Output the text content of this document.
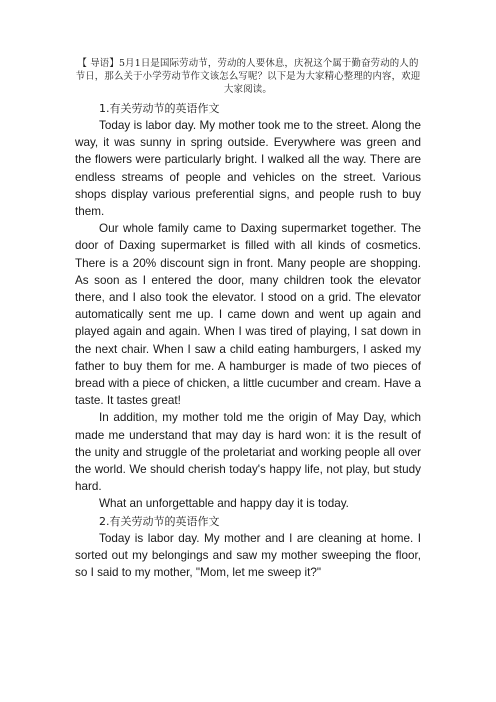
【 导语】5月1日是国际劳动节，劳动的人要休息，庆祝这个属于勤奋劳动的人的节日，那么关于小学劳动节作文该怎么写呢？以下是为大家精心整理的内容，欢迎大家阅读。

1.有关劳动节的英语作文

Today is labor day. My mother took me to the street. Along the way, it was sunny in spring outside. Everywhere was green and the flowers were particularly bright. I walked all the way. There are endless streams of people and vehicles on the street. Various shops display various preferential signs, and people rush to buy them.

Our whole family came to Daxing supermarket together. The door of Daxing supermarket is filled with all kinds of cosmetics. There is a 20% discount sign in front. Many people are shopping. As soon as I entered the door, many children took the elevator there, and I also took the elevator. I stood on a grid. The elevator automatically sent me up. I came down and went up again and played again and again. When I was tired of playing, I sat down in the next chair. When I saw a child eating hamburgers, I asked my father to buy them for me. A hamburger is made of two pieces of bread with a piece of chicken, a little cucumber and cream. Have a taste. It tastes great!

In addition, my mother told me the origin of May Day, which made me understand that may day is hard won: it is the result of the unity and struggle of the proletariat and working people all over the world. We should cherish today's happy life, not play, but study hard.

What an unforgettable and happy day it is today.

2.有关劳动节的英语作文

Today is labor day. My mother and I are cleaning at home. I sorted out my belongings and saw my mother sweeping the floor, so I said to my mother, "Mom, let me sweep it?"
